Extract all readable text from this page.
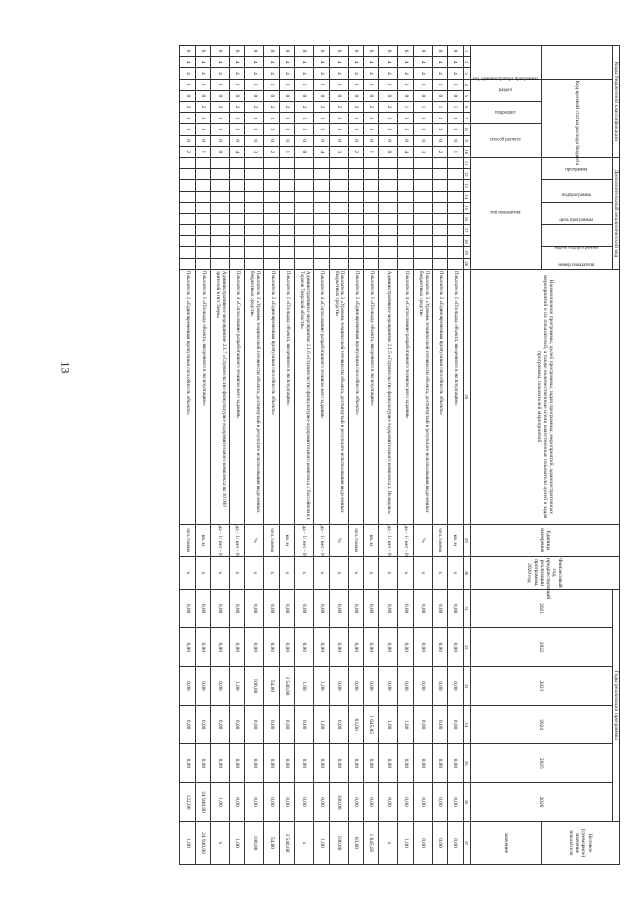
13
Коды бюджетной классификации										Дополнительный аналитический код										Наименование программы, целей программы, задач программы, мероприятий, административных мероприятий и их показателей, а также количественные и/или качественные показатели целей и задач программы, показателей мероприятий	Единица измерения	Финансовый год, предшествующий реализации программы, 2020 год	Годы реализации программы						Целевое (суммарное) значение показателя
			Код целевой статьи расхода бюджета							программа		подпрограмма		цель программы		задача подпрограммы		номер показателя					2021	2022	2023	2024	2025	2026	
код администратора программы			раздел		подраздел		способ расчета			тип показателя																			значение
1	2	3	4	5	6	7	8	9	10	11	12	13	14	15	16	17	18	19	20	28	29	30	31	32	33	34	35	36	37
6	4	4	1	0	1	1	1	0	1											Показатель 1 «Площадь объекта, введенного в эксплуатацию»	кв. м	х	0,00	0,00	0,00	0,00	0,00	0,00	0,00
6	4	4	1	0	1	1	1	0	2											Показатель 2 «Единовременная пропускная способность объекта»	чел./смена	х	0,00	0,00	0,00	0,00	0,00	0,00	0,00
6	4	4	1	0	1	1	1	0	3											Показатель 3 «Уровень технической готовности объекта, достигнутый в результате использования выделенных бюджетных средств»	%	х	0,00	0,00	0,00	0,00	0,00	0,00	0,00
6	4	4	1	0	1	1	1	0	4											Показатель 4 «Согласование разработанного технического задания»	да - 1/ нет - 0	х	0,00	0,00	0,00	1,00	0,00	0,00	1,00
6	4	4	1	0	2	1	1	0	0											Административное мероприятие 2.1.5 «Строительство физкультурно-оздоровительного комплекса г. Нелидово»	да - 1/ нет - 0	х	0,00	0,00	0,00	1,00	0,00	0,00	х
6	4	4	1	0	2	1	1	0	1											Показатель 1 «Площадь объекта, введенного в эксплуатацию»	кв. м	х	0,00	0,00	0,00	1 645,85	0,00	0,00	1 645,85
6	4	4	1	0	2	1	1	0	2											Показатель 2 «Единовременная пропускная способность объекта»	чел./смена	х	0,00	0,00	0,00	63,00	0,00	0,00	63,00
6	4	4	1	0	2	1	1	0	3											Показатель 3 «Уровень технической готовности объекта, достигнутый в результате использования выделенных бюджетных средств»	%	х	0,00	0,00	0,00	0,00	0,00	100,00	100,00
6	4	4	1	0	2	1	1	0	4											Показатель 4 «Согласование разработанного технического задания»	да - 1/ нет - 0	х	0,00	0,00	1,00	1,00	0,00	0,00	1,00
6	4	4	1	0	2	1	1	0	0											Административное мероприятие 2.1.6 «Строительство физкультурно-оздоровительного комплекса с бассейном в г. Торжок Тверской области»	да - 1/ нет - 0	х	0,00	0,00	1,00	0,00	0,00	0,00	х
6	4	4	1	0	2	1	1	0	1											Показатель 1 «Площадь объекта, введенного в эксплуатацию»	кв. м	х	0,00	0,00	3 540,00	0,00	0,00	0,00	3 540,00
6	4	4	1	0	2	1	1	0	2											Показатель 2 «Единовременная пропускная способность объекта»	чел./смена	х	0,00	0,00	54,00	0,00	0,00	0,00	54,00
6	4	4	1	0	2	1	1	0	3											Показатель 3 «Уровень технической готовности объекта, достигнутый в результате использования выделенных бюджетных средств»	%	х	0,00	0,00	100,00	0,00	0,00	0,00	100,00
6	4	4	1	0	2	1	1	0	4											Показатель 4 «Согласование разработанного технического задания»	да - 1/ нет - 0	х	0,00	0,00	1,00	0,00	0,00	0,00	1,00
6	4	4	1	0	2	1	1	0	0											Административное мероприятие 2.1.7 «Строительство физкультурно-оздоровительного комплекса на 10 000 зрителей в пгт Тверь»	да - 1/ нет - 0	х	0,00	0,00	0,00	0,00	0,00	1,00	х
6	4	4	1	0	2	1	1	0	1											Показатель 1 «Площадь объекта, введенного в эксплуатацию»	кв. м	х	0,00	0,00	0,00	0,00	0,00	24 940,00	24 940,00
6	4	4	1	0	2	1	1	0	2											Показатель 2 «Единовременная пропускная способность объекта»	чел./смена	х	0,00	0,00	0,00	0,00	0,00	122,00	1,00
